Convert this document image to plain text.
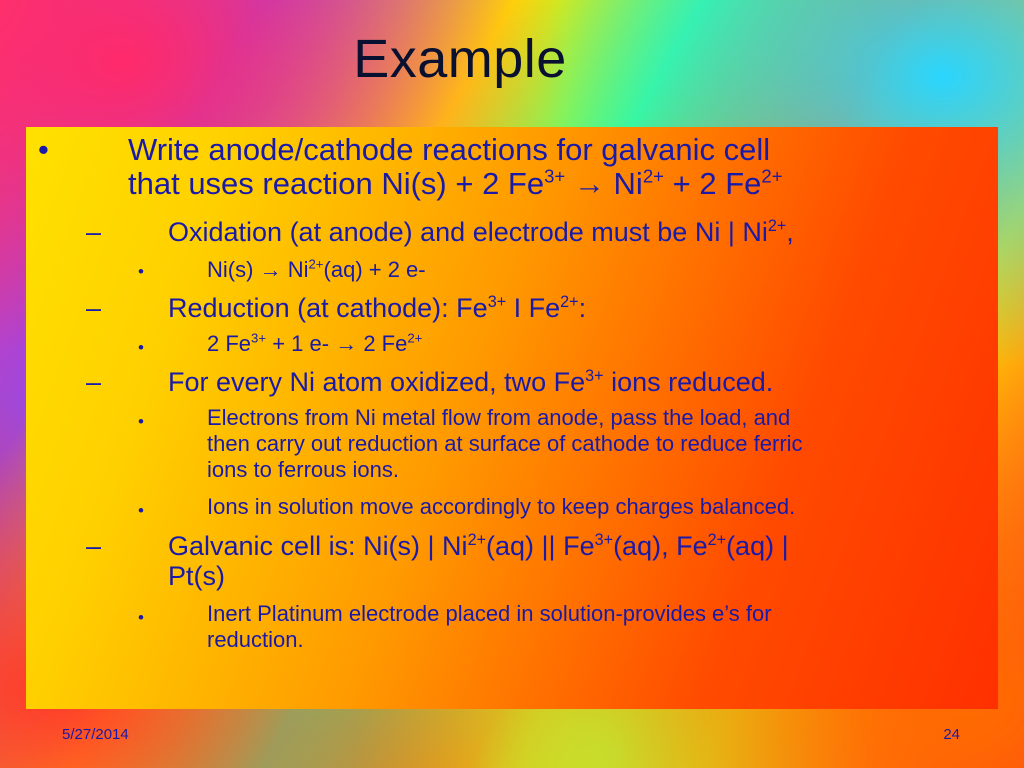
Example
•	Write anode/cathode reactions for galvanic cell
that uses reaction Ni(s) + 2 $Fe^{3+} \to Ni^{2+} + 2$ $Fe^{2+}$
– Oxidation (at anode) and electrode must be Ni | $Ni^{2+}$,
•	$Ni(s) \to Ni^{2+}(aq) + 2$ e-
– Reduction (at cathode): $Fe^{3+}$ I $Fe^{2+}$:
•	2 $Fe^{3+} + 1$ e- → 2 $Fe^{2+}$
– For every Ni atom oxidized, two $Fe^{3+}$ ions reduced.
•	Electrons from Ni metal flow from anode, pass the load, and
then carry out reduction at surface of cathode to reduce ferric
ions to ferrous ions.
•	Ions in solution move accordingly to keep charges balanced.
– Galvanic cell is: Ni(s) | $Ni^{2+}(aq)$ || $Fe^{3+}(aq)$, $Fe^{2+}(aq)$ |
Pt(s)
•	Inert Platinum electrode placed in solution-provides e’s for
reduction.
5/27/2014	24
